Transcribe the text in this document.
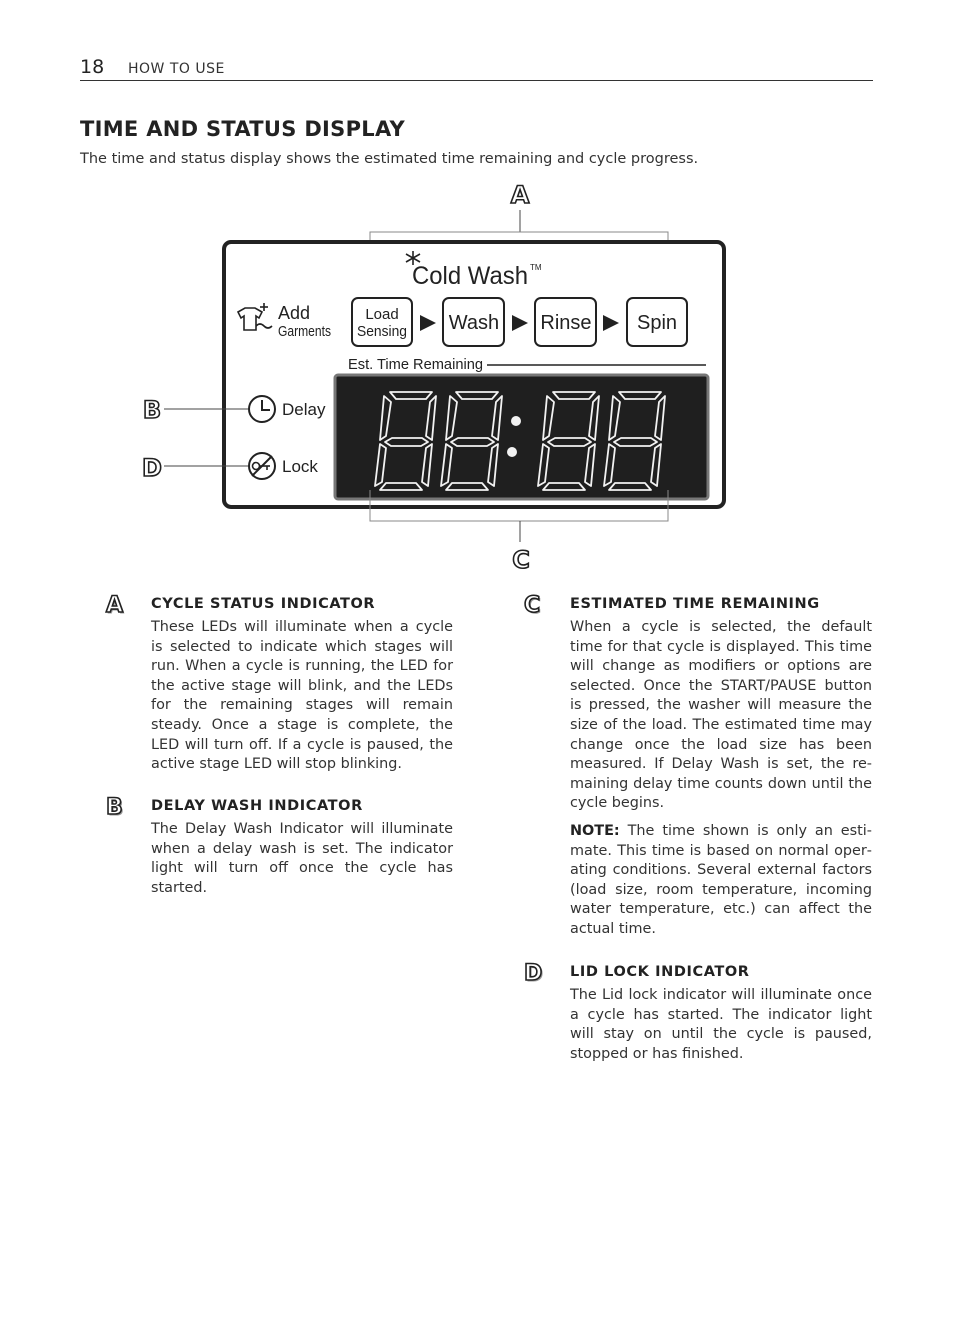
18 HOW TO USE
TIME AND STATUS DISPLAY
The time and status display shows the estimated time remaining and cycle progress.
A
Cold Wash TM
Add
Garments
Load
Sensing Wash Rinse Spin
Est. Time Remaining
Delay
Lock
B
D
C
A CYCLE STATUS INDICATOR

These LEDs will illuminate when a cycle is selected to indicate which stages will run. When a cycle is running, the LED for the active stage will blink, and the LEDs for the remaining stages will remain steady. Once a stage is complete, the LED will turn off. If a cycle is paused, the active stage LED will stop blinking.

B DELAY WASH INDICATOR

The Delay Wash Indicator will illuminate when a delay wash is set. The indicator light will turn off once the cycle has started.

C ESTIMATED TIME REMAINING

When a cycle is selected, the default time for that cycle is displayed. This time will change as modifiers or options are selected. Once the START/PAUSE button is pressed, the washer will measure the size of the load. The estimated time may change once the load size has been measured. If Delay Wash is set, the remaining delay time counts down until the cycle begins.

NOTE: The time shown is only an estimate. This time is based on normal operating conditions. Several external factors (load size, room temperature, incoming water temperature, etc.) can affect the actual time.

D LID LOCK INDICATOR

The Lid lock indicator will illuminate once a cycle has started. The indicator light will stay on until the cycle is paused, stopped or has finished.
